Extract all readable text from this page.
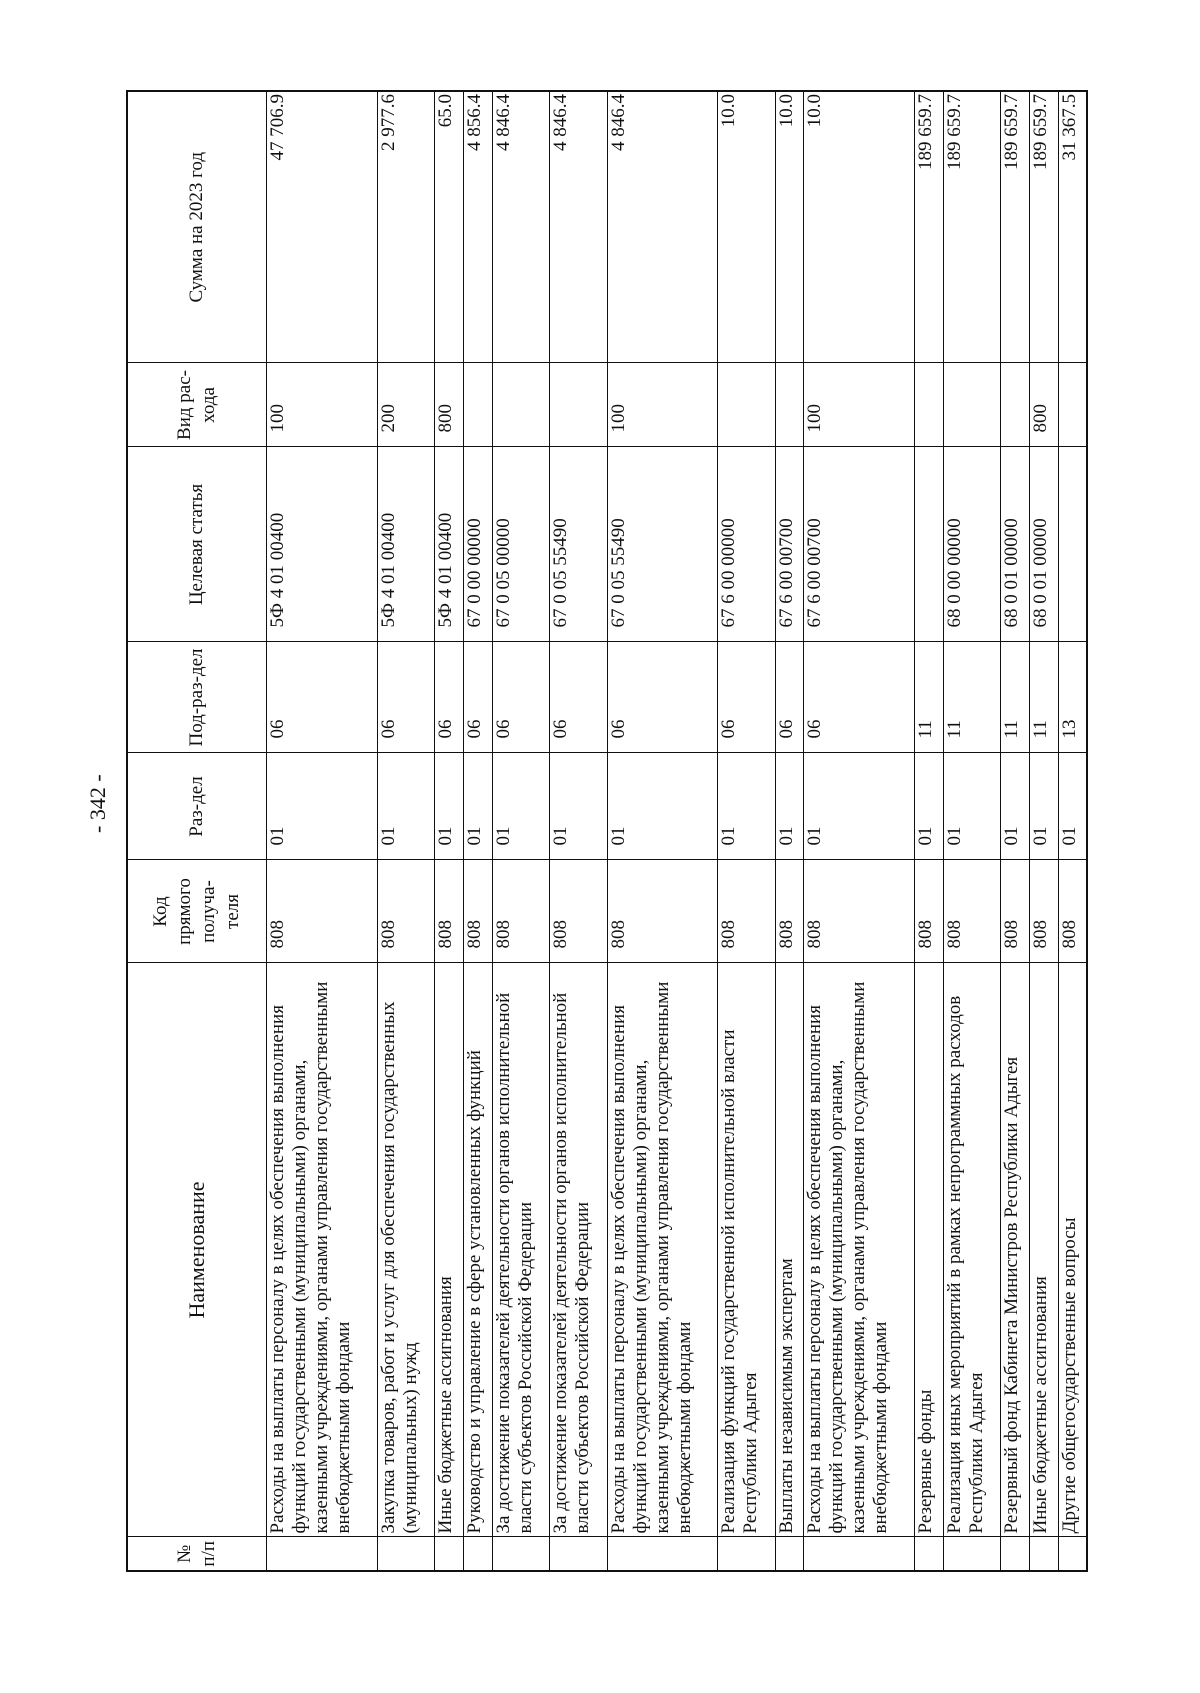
- 342 -
№ п/п	Наименование	Код прямого получа-теля	Раз-дел	Под-раз-дел	Целевая статья	Вид рас-хода	Сумма на 2023 год
	Расходы на выплаты персоналу в целях обеспечения выполнения функций государственными (муниципальными) органами, казенными учреждениями, органами управления государственными внебюджетными фондами	808	01	06	5Ф 4 01 00400	100	47 706.9
	Закупка товаров, работ и услуг для обеспечения государственных (муниципальных) нужд	808	01	06	5Ф 4 01 00400	200	2 977.6
	Иные бюджетные ассигнования	808	01	06	5Ф 4 01 00400	800	65.0
	Руководство и управление в сфере установленных функций	808	01	06	67 0 00 00000		4 856.4
	За достижение показателей деятельности органов исполнительной власти субъектов Российской Федерации	808	01	06	67 0 05 00000		4 846.4
	За достижение показателей деятельности органов исполнительной власти субъектов Российской Федерации	808	01	06	67 0 05 55490		4 846.4
	Расходы на выплаты персоналу в целях обеспечения выполнения функций государственными (муниципальными) органами, казенными учреждениями, органами управления государственными внебюджетными фондами	808	01	06	67 0 05 55490	100	4 846.4
	Реализация функций государственной исполнительной власти Республики Адыгея	808	01	06	67 6 00 00000		10.0
	Выплаты независимым экспертам	808	01	06	67 6 00 00700		10.0
	Расходы на выплаты персоналу в целях обеспечения выполнения функций государственными (муниципальными) органами, казенными учреждениями, органами управления государственными внебюджетными фондами	808	01	06	67 6 00 00700	100	10.0
	Резервные фонды	808	01	11			189 659.7
	Реализация иных мероприятий в рамках непрограммных расходов Республики Адыгея	808	01	11	68 0 00 00000		189 659.7
	Резервный фонд Кабинета Министров Республики Адыгея	808	01	11	68 0 01 00000		189 659.7
	Иные бюджетные ассигнования	808	01	11	68 0 01 00000	800	189 659.7
	Другие общегосударственные вопросы	808	01	13			31 367.5
